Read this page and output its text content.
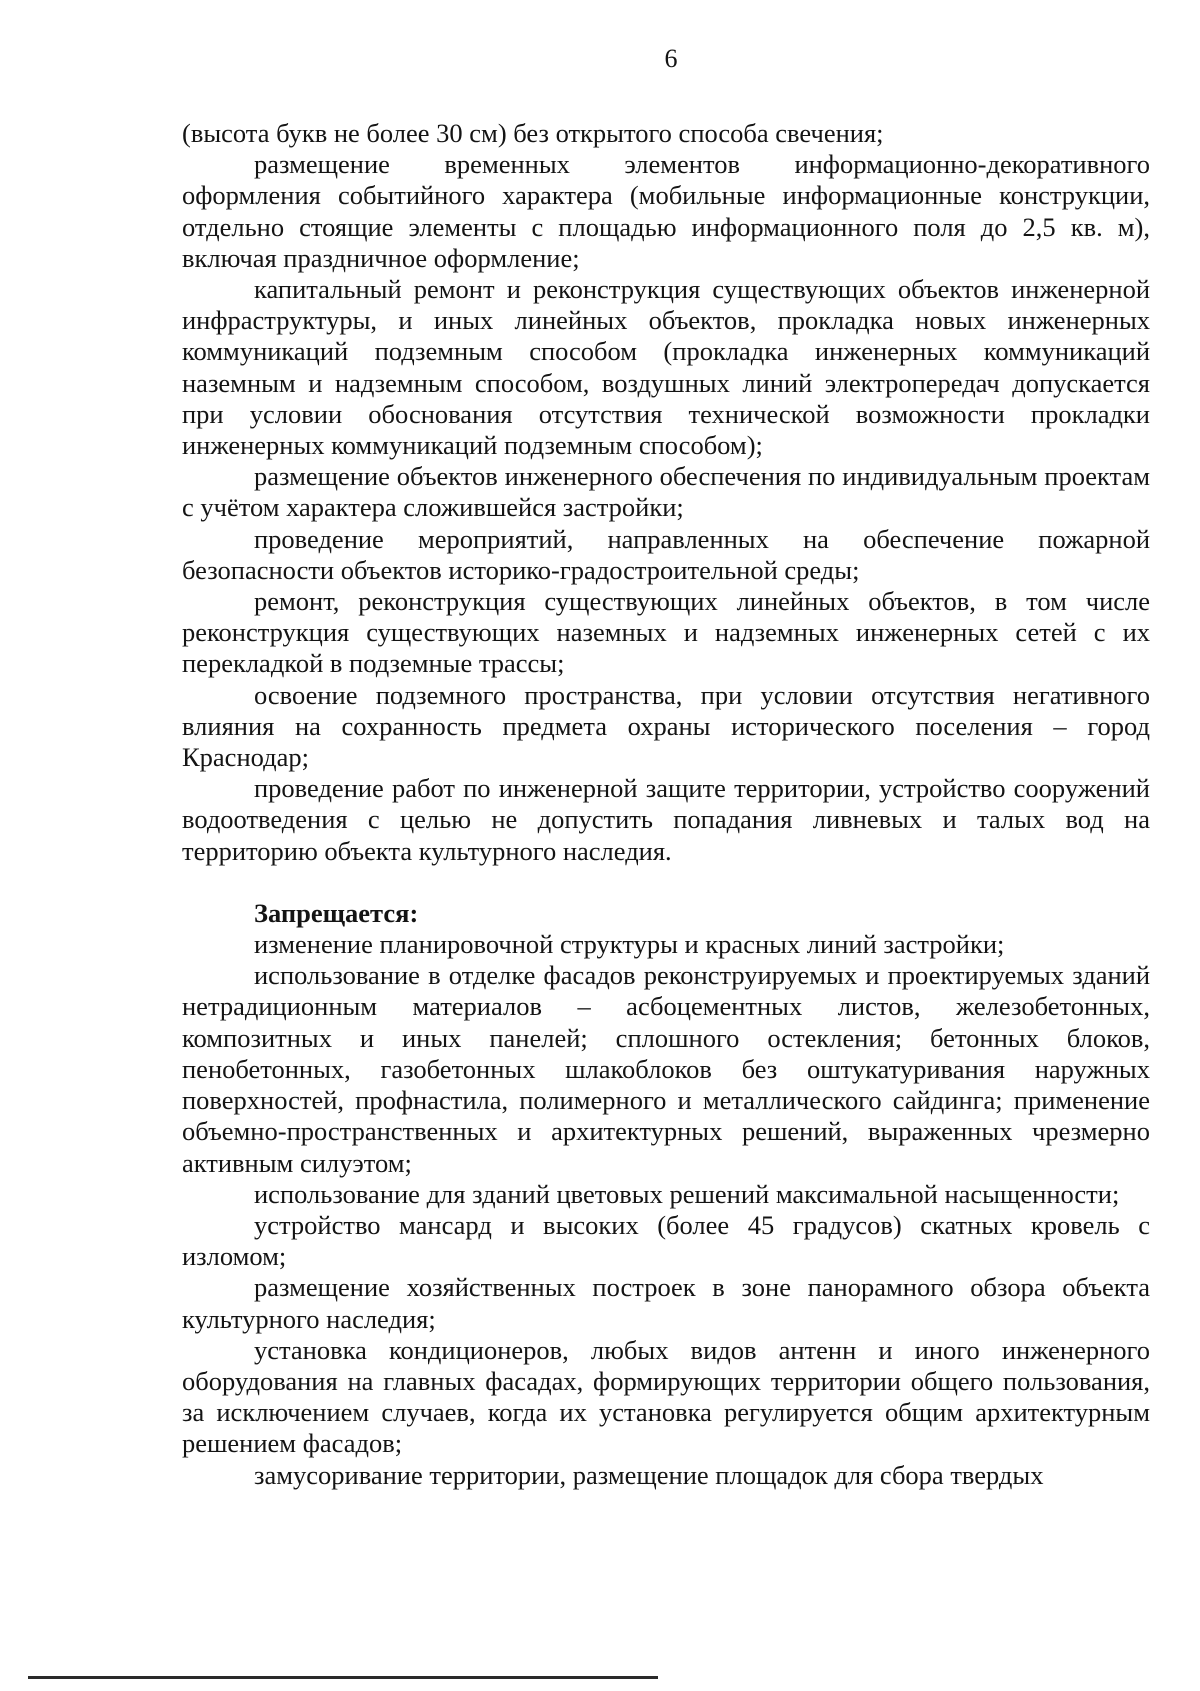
6

(высота букв не более 30 см) без открытого способа свечения;

размещение временных элементов информационно-декоративного оформления событийного характера (мобильные информационные конструкции, отдельно стоящие элементы с площадью информационного поля до 2,5 кв. м), включая праздничное оформление;

капитальный ремонт и реконструкция существующих объектов инженерной инфраструктуры, и иных линейных объектов, прокладка новых инженерных коммуникаций подземным способом (прокладка инженерных коммуникаций наземным и надземным способом, воздушных линий электропередач допускается при условии обоснования отсутствия технической возможности прокладки инженерных коммуникаций подземным способом);

размещение объектов инженерного обеспечения по индивидуальным проектам с учётом характера сложившейся застройки;

проведение мероприятий, направленных на обеспечение пожарной безопасности объектов историко-градостроительной среды;

ремонт, реконструкция существующих линейных объектов, в том числе реконструкция существующих наземных и надземных инженерных сетей с их перекладкой в подземные трассы;

освоение подземного пространства, при условии отсутствия негативного влияния на сохранность предмета охраны исторического поселения – город Краснодар;

проведение работ по инженерной защите территории, устройство сооружений водоотведения с целью не допустить попадания ливневых и талых вод на территорию объекта культурного наследия.

Запрещается:

изменение планировочной структуры и красных линий застройки;

использование в отделке фасадов реконструируемых и проектируемых зданий нетрадиционным материалов – асбоцементных листов, железобетонных, композитных и иных панелей; сплошного остекления; бетонных блоков, пенобетонных, газобетонных шлакоблоков без оштукатуривания наружных поверхностей, профнастила, полимерного и металлического сайдинга; применение объемно-пространственных и архитектурных решений, выраженных чрезмерно активным силуэтом;

использование для зданий цветовых решений максимальной насыщенности;

устройство мансард и высоких (более 45 градусов) скатных кровель с изломом;

размещение хозяйственных построек в зоне панорамного обзора объекта культурного наследия;

установка кондиционеров, любых видов антенн и иного инженерного оборудования на главных фасадах, формирующих территории общего пользования, за исключением случаев, когда их установка регулируется общим архитектурным решением фасадов;

замусоривание территории, размещение площадок для сбора твердых
